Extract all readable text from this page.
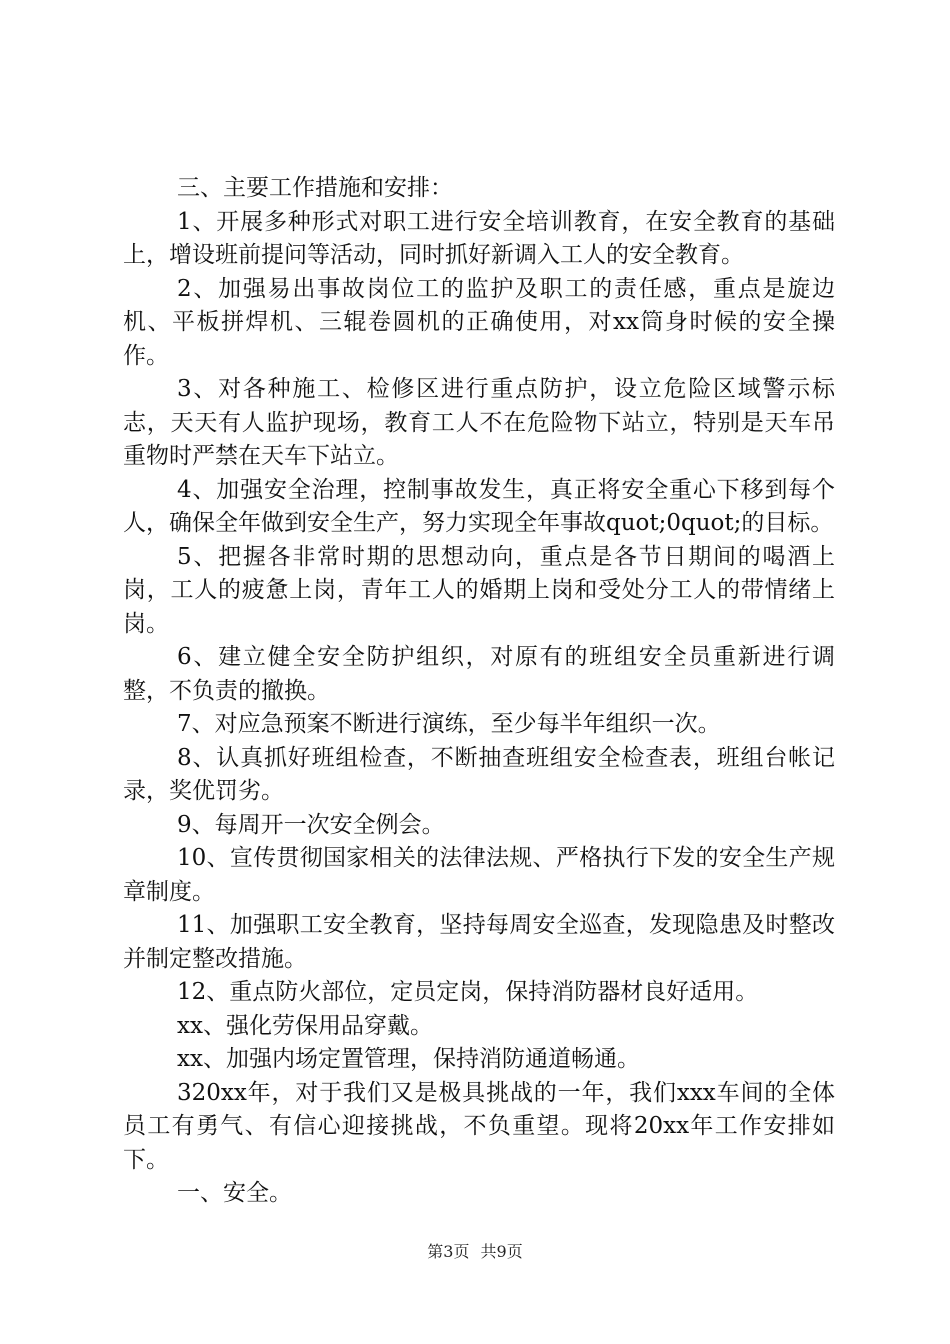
三、主要工作措施和安排：

1、开展多种形式对职工进行安全培训教育，在安全教育的基础上，增设班前提问等活动，同时抓好新调入工人的安全教育。

2、加强易出事故岗位工的监护及职工的责任感，重点是旋边机、平板拼焊机、三辊卷圆机的正确使用，对xx筒身时候的安全操作。

3、对各种施工、检修区进行重点防护，设立危险区域警示标志，天天有人监护现场，教育工人不在危险物下站立，特别是天车吊重物时严禁在天车下站立。

4、加强安全治理，控制事故发生，真正将安全重心下移到每个人，确保全年做到安全生产，努力实现全年事故quot;0quot;的目标。

5、把握各非常时期的思想动向，重点是各节日期间的喝酒上岗，工人的疲惫上岗，青年工人的婚期上岗和受处分工人的带情绪上岗。

6、建立健全安全防护组织，对原有的班组安全员重新进行调整，不负责的撤换。

7、对应急预案不断进行演练，至少每半年组织一次。

8、认真抓好班组检查，不断抽查班组安全检查表，班组台帐记录，奖优罚劣。

9、每周开一次安全例会。

10、宣传贯彻国家相关的法律法规、严格执行下发的安全生产规章制度。

11、加强职工安全教育，坚持每周安全巡查，发现隐患及时整改并制定整改措施。

12、重点防火部位，定员定岗，保持消防器材良好适用。

xx、强化劳保用品穿戴。

xx、加强内场定置管理，保持消防通道畅通。

320xx年，对于我们又是极具挑战的一年，我们xxx车间的全体员工有勇气、有信心迎接挑战，不负重望。现将20xx年工作安排如下。

一、安全。

第3页 共9页
